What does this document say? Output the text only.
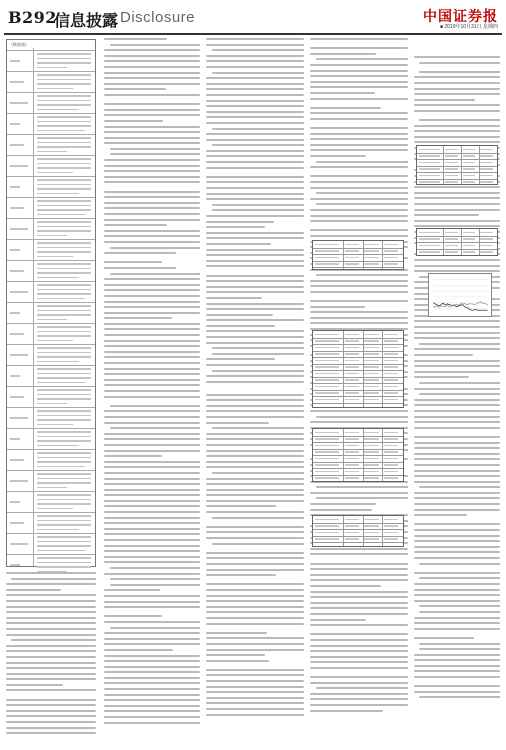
B292
信息披露 Disclosure	中国证券报
■ 2019年10月31日 星期四
（续前表）
